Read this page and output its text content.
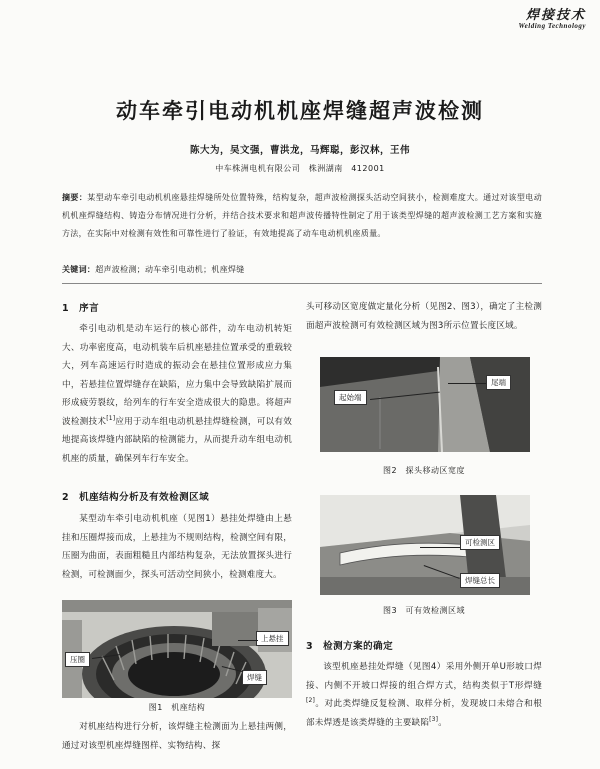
焊接技术
Welding Technology
动车牵引电动机机座焊缝超声波检测
陈大为，吴文强，曹洪龙，马辉聪，彭汉林，王伟
中车株洲电机有限公司　株洲湖南　412001
摘要：某型动车牵引电动机机座悬挂焊缝所处位置特殊，结构复杂，超声波检测探头活动空间狭小，检测难度大。通过对该型电动机机座焊缝结构、铸造分布情况进行分析，并结合技术要求和超声波传播特性制定了用于该类型焊缝的超声波检测工艺方案和实施方法，在实际中对检测有效性和可靠性进行了验证，有效地提高了动车电动机机座质量。
关键词：超声波检测；动车牵引电动机；机座焊缝
1　序言

牵引电动机是动车运行的核心部件，动车电动机转矩大、功率密度高，电动机装车后机座悬挂位置承受的重载较大，列车高速运行时造成的振动会在悬挂位置形成应力集中，若悬挂位置焊缝存在缺陷，应力集中会导致缺陷扩展而形成疲劳裂纹，给列车的行车安全造成很大的隐患。将超声波检测技术[1]应用于动车组电动机悬挂焊缝检测，可以有效地提高该焊缝内部缺陷的检测能力，从而提升动车组电动机机座的质量，确保列车行车安全。

2　机座结构分析及有效检测区域

某型动车牵引电动机机座（见图1）悬挂处焊缝由上悬挂和压圈焊接而成，上悬挂为不规则结构，检测空间有限，压圈为曲面，表面粗糙且内部结构复杂，无法放置探头进行检测，可检测面少，探头可活动空间狭小，检测难度大。

压圈
上悬挂
焊缝
图1　机座结构

对机座结构进行分析，该焊缝主检测面为上悬挂两侧，通过对该型机座焊缝图样、实物结构、探

头可移动区宽度做定量化分析（见图2、图3），确定了主检测面超声波检测可有效检测区域为图3所示位置长度区域。

起始端
尾端
图2　探头移动区宽度
可检测区
焊缝总长
图3　可有效检测区域
3　检测方案的确定

该型机座悬挂处焊缝（见图4）采用外侧开单U形坡口焊接、内侧不开坡口焊接的组合焊方式，结构类似于T形焊缝[2]。对此类焊缝反复检测、取样分析，发现坡口未熔合和根部未焊透是该类焊缝的主要缺陷[3]。
